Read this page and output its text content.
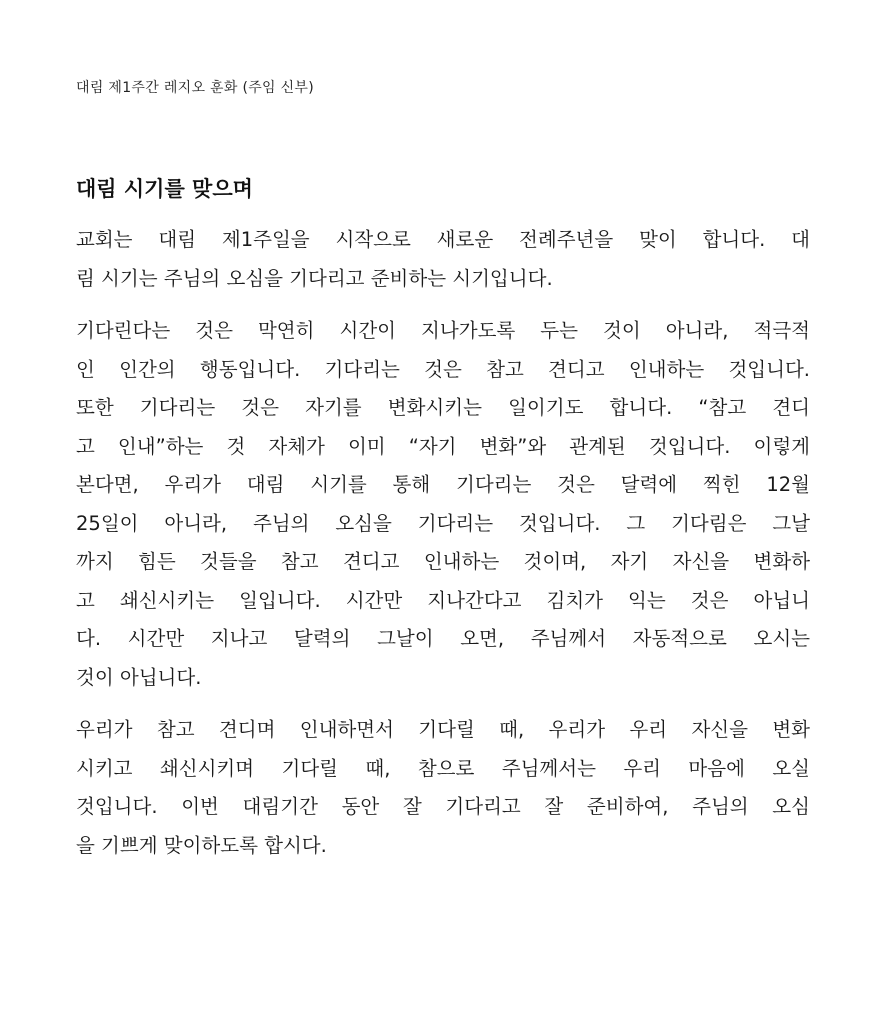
대림 제1주간 레지오 훈화 (주임 신부)
대림 시기를 맞으며

교회는 대림 제1주일을 시작으로 새로운 전례주년을 맞이 합니다. 대
림 시기는 주님의 오심을 기다리고 준비하는 시기입니다.

기다린다는 것은 막연히 시간이 지나가도록 두는 것이 아니라, 적극적
인 인간의 행동입니다. 기다리는 것은 참고 견디고 인내하는 것입니다.
또한 기다리는 것은 자기를 변화시키는 일이기도 합니다. “참고 견디
고 인내”하는 것 자체가 이미 “자기 변화”와 관계된 것입니다. 이렇게
본다면, 우리가 대림 시기를 통해 기다리는 것은 달력에 찍힌 12월
25일이 아니라, 주님의 오심을 기다리는 것입니다. 그 기다림은 그날
까지 힘든 것들을 참고 견디고 인내하는 것이며, 자기 자신을 변화하
고 쇄신시키는 일입니다. 시간만 지나간다고 김치가 익는 것은 아닙니
다. 시간만 지나고 달력의 그날이 오면, 주님께서 자동적으로 오시는
것이 아닙니다.

우리가 참고 견디며 인내하면서 기다릴 때, 우리가 우리 자신을 변화
시키고 쇄신시키며 기다릴 때, 참으로 주님께서는 우리 마음에 오실
것입니다. 이번 대림기간 동안 잘 기다리고 잘 준비하여, 주님의 오심
을 기쁘게 맞이하도록 합시다.
